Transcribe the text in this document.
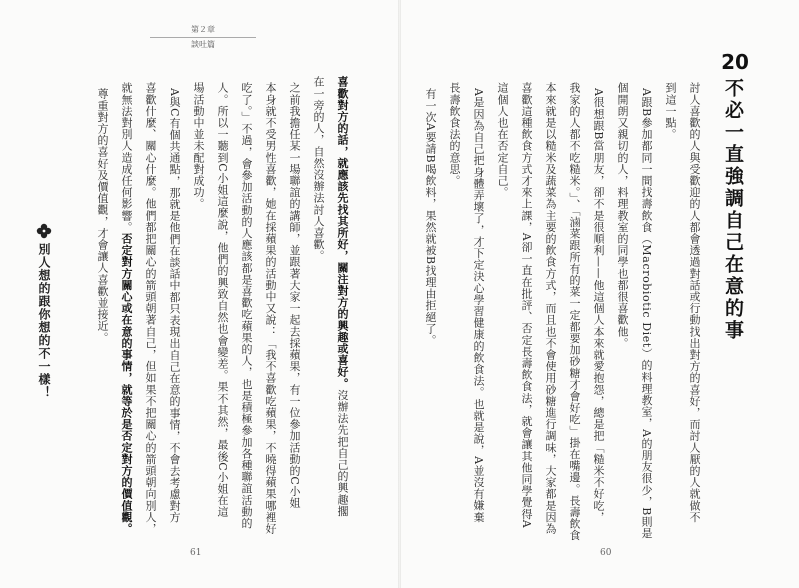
第２章
談吐篇
喜歡對方的話，就應該先找其所好，關注對方的興趣或喜好。沒辦法先把自己的興趣擱
在一旁的人，自然沒辦法討人喜歡。
之前我擔任某一場聯誼的講師，並跟著大家一起去採蘋果，有一位參加活動的C小姐
本身就不受男性喜歡，她在採蘋果的活動中又說：「我不喜歡吃蘋果，不曉得蘋果哪裡好
吃了。」不過，會參加活動的人應該都是喜歡吃蘋果的人，也是積極參加各種聯誼活動的
人。所以一聽到C小姐這麼說，他們的興致自然也會變差。果不其然，最後C小姐在這
場活動中並未配對成功。
A與C有個共通點，那就是他們在談話中都只表現出自己在意的事情，不會去考慮對方
喜歡什麼、關心什麼。他們都把關心的箭頭朝著自己，但如果不把關心的箭頭朝向別人，
就無法對別人造成任何影響。否定對方關心或在意的事情，就等於是否定對方的價值觀。
尊重對方的喜好及價值觀，才會讓人喜歡並接近。
別人想的跟你想的不一樣！
61
討人喜歡的人與受歡迎的人都會透過對話或行動找出對方的喜好，而討人厭的人就做不
到這一點。
A跟B參加都同一間找壽飲食（Macrobiotic Diet）的料理教室，A的朋友很少，B則是
個開朗又親切的人，料理教室的同學也都很喜歡他。
A很想跟B當朋友，卻不是很順利——他這個人本來就愛抱怨，總是把「糙米不好吃，
我家的人都不吃糙米。」、「滷菜跟所有的菜一定都要加砂糖才會好吃」掛在嘴邊。長壽飲食
本來就是以糙米及蔬菜為主要的飲食方式，而且也不會使用砂糖進行調味，大家都是因為
喜歡這種飲食方式才來上課，A卻一直在批評、否定長壽飲食法，就會讓其他同學覺得A
這個人也在否定自己。
A是因為自己把身體弄壞了，才下定決心學習健康的飲食法。也就是說，A並沒有嫌棄
長壽飲食法的意思。
有一次A要請B喝飲料，果然就被B找理由拒絕了。
60
20
不必一直強調自己在意的事
